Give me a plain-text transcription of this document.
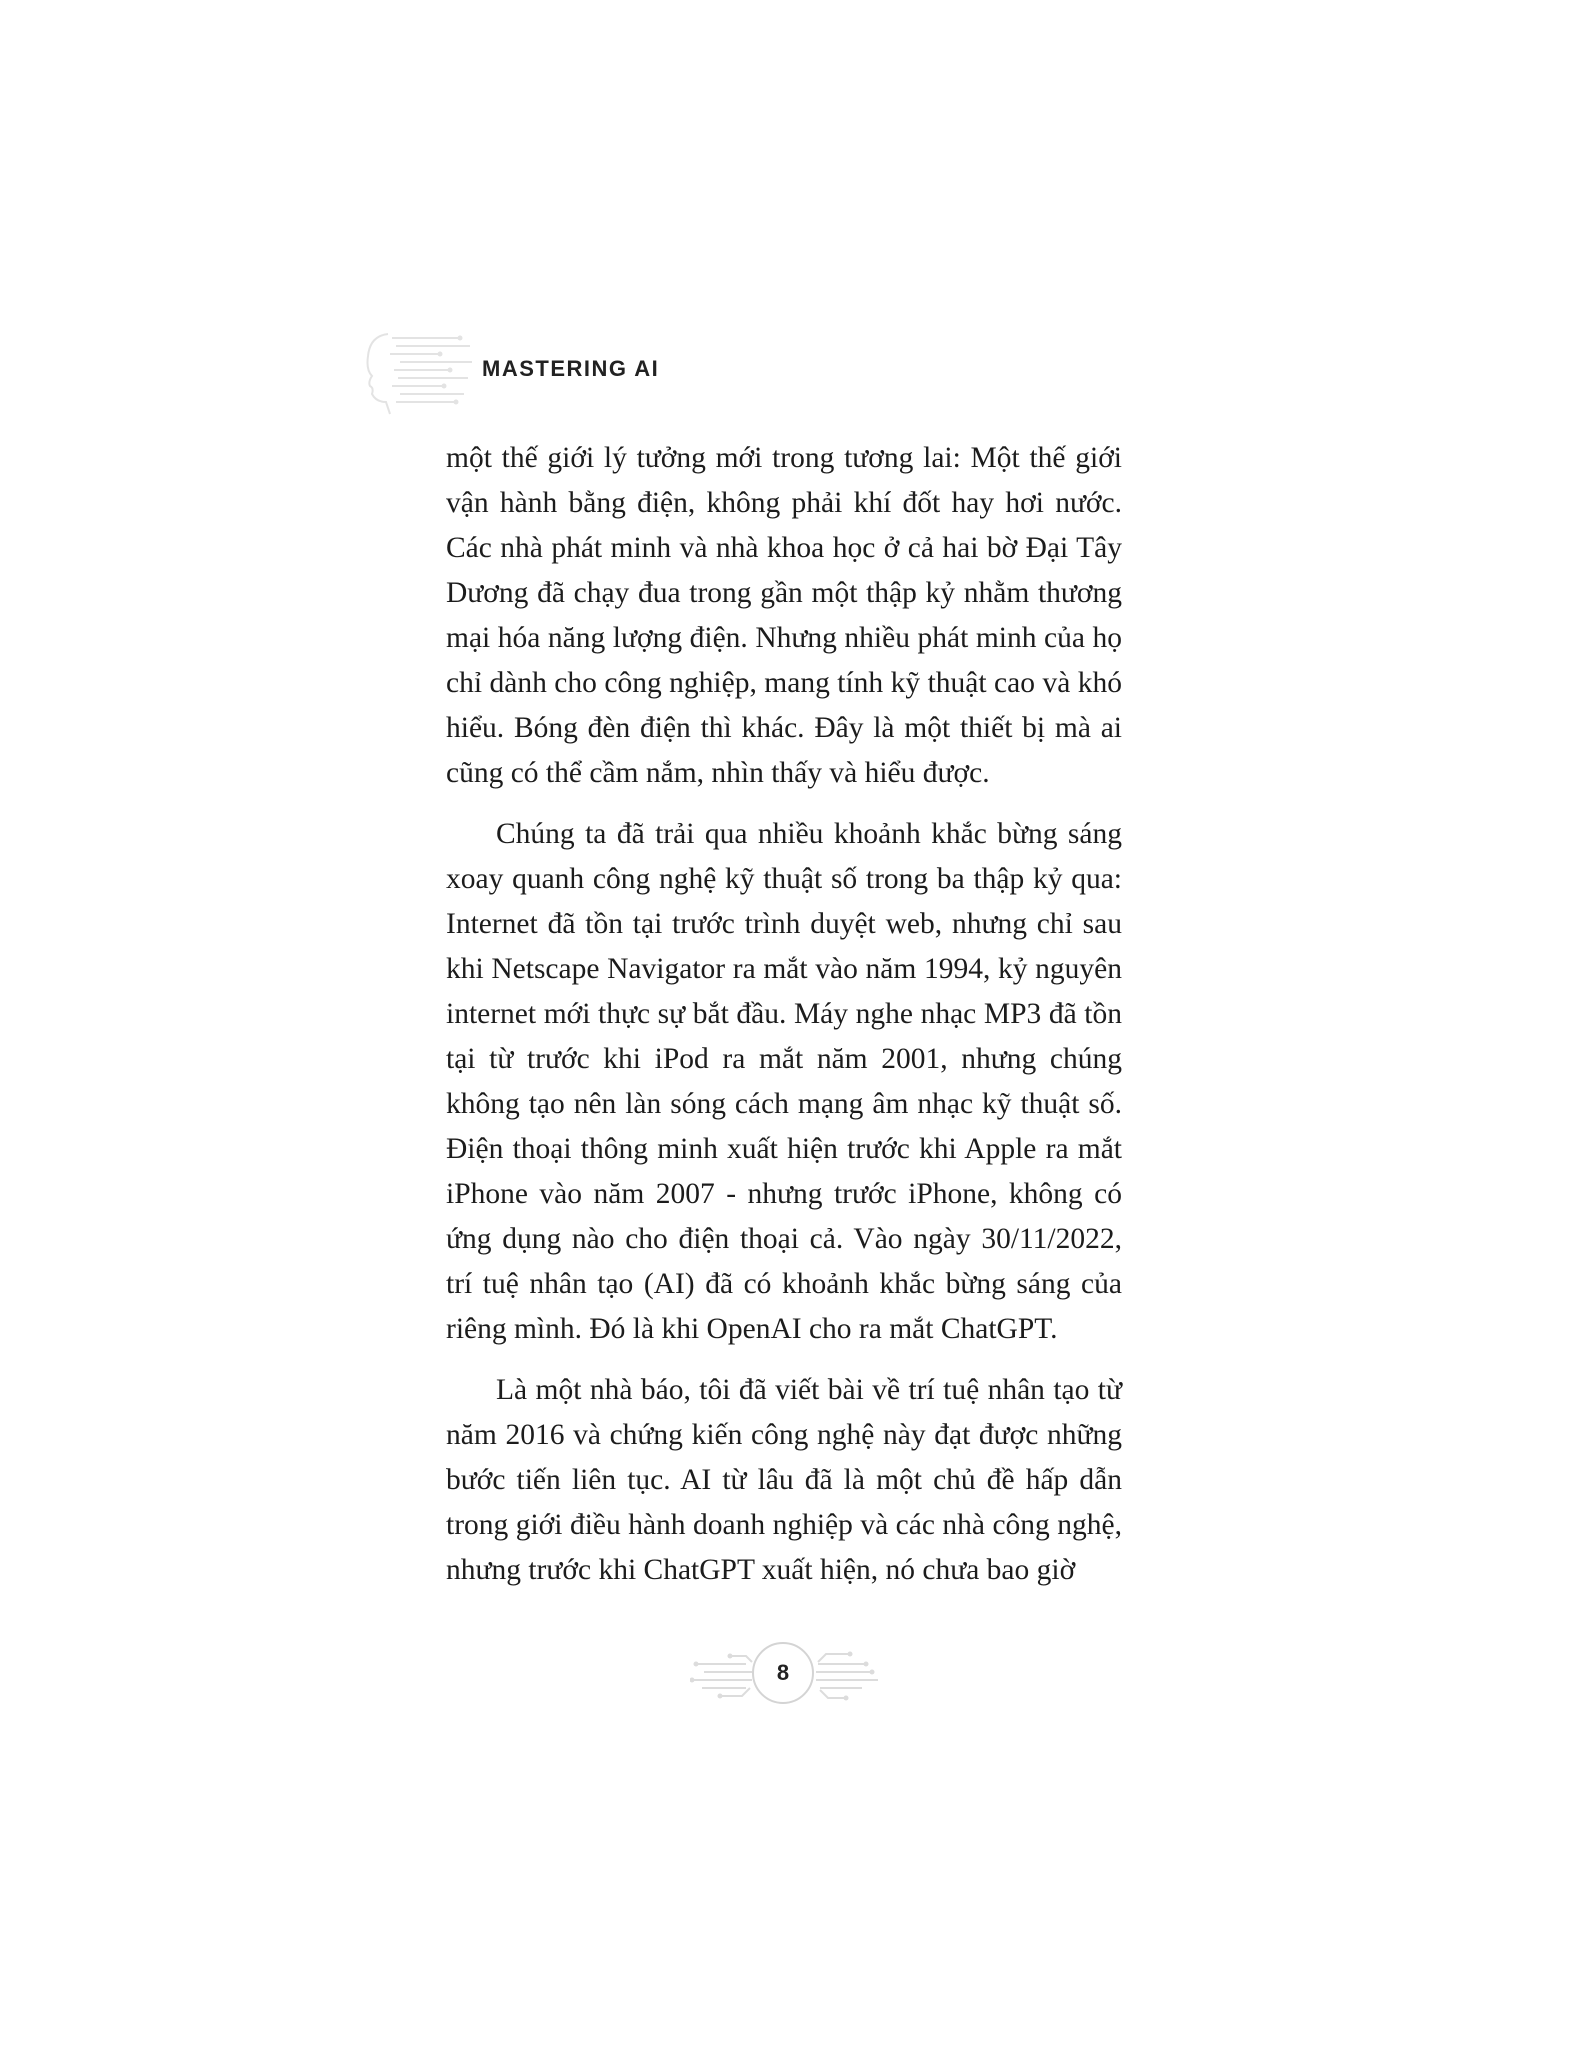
MASTERING AI

một thế giới lý tưởng mới trong tương lai: Một thế giới vận hành bằng điện, không phải khí đốt hay hơi nước. Các nhà phát minh và nhà khoa học ở cả hai bờ Đại Tây Dương đã chạy đua trong gần một thập kỷ nhằm thương mại hóa năng lượng điện. Nhưng nhiều phát minh của họ chỉ dành cho công nghiệp, mang tính kỹ thuật cao và khó hiểu. Bóng đèn điện thì khác. Đây là một thiết bị mà ai cũng có thể cầm nắm, nhìn thấy và hiểu được.

Chúng ta đã trải qua nhiều khoảnh khắc bừng sáng xoay quanh công nghệ kỹ thuật số trong ba thập kỷ qua: Internet đã tồn tại trước trình duyệt web, nhưng chỉ sau khi Netscape Navigator ra mắt vào năm 1994, kỷ nguyên internet mới thực sự bắt đầu. Máy nghe nhạc MP3 đã tồn tại từ trước khi iPod ra mắt năm 2001, nhưng chúng không tạo nên làn sóng cách mạng âm nhạc kỹ thuật số. Điện thoại thông minh xuất hiện trước khi Apple ra mắt iPhone vào năm 2007 - nhưng trước iPhone, không có ứng dụng nào cho điện thoại cả. Vào ngày 30/11/2022, trí tuệ nhân tạo (AI) đã có khoảnh khắc bừng sáng của riêng mình. Đó là khi OpenAI cho ra mắt ChatGPT.

Là một nhà báo, tôi đã viết bài về trí tuệ nhân tạo từ năm 2016 và chứng kiến công nghệ này đạt được những bước tiến liên tục. AI từ lâu đã là một chủ đề hấp dẫn trong giới điều hành doanh nghiệp và các nhà công nghệ, nhưng trước khi ChatGPT xuất hiện, nó chưa bao giờ

8
